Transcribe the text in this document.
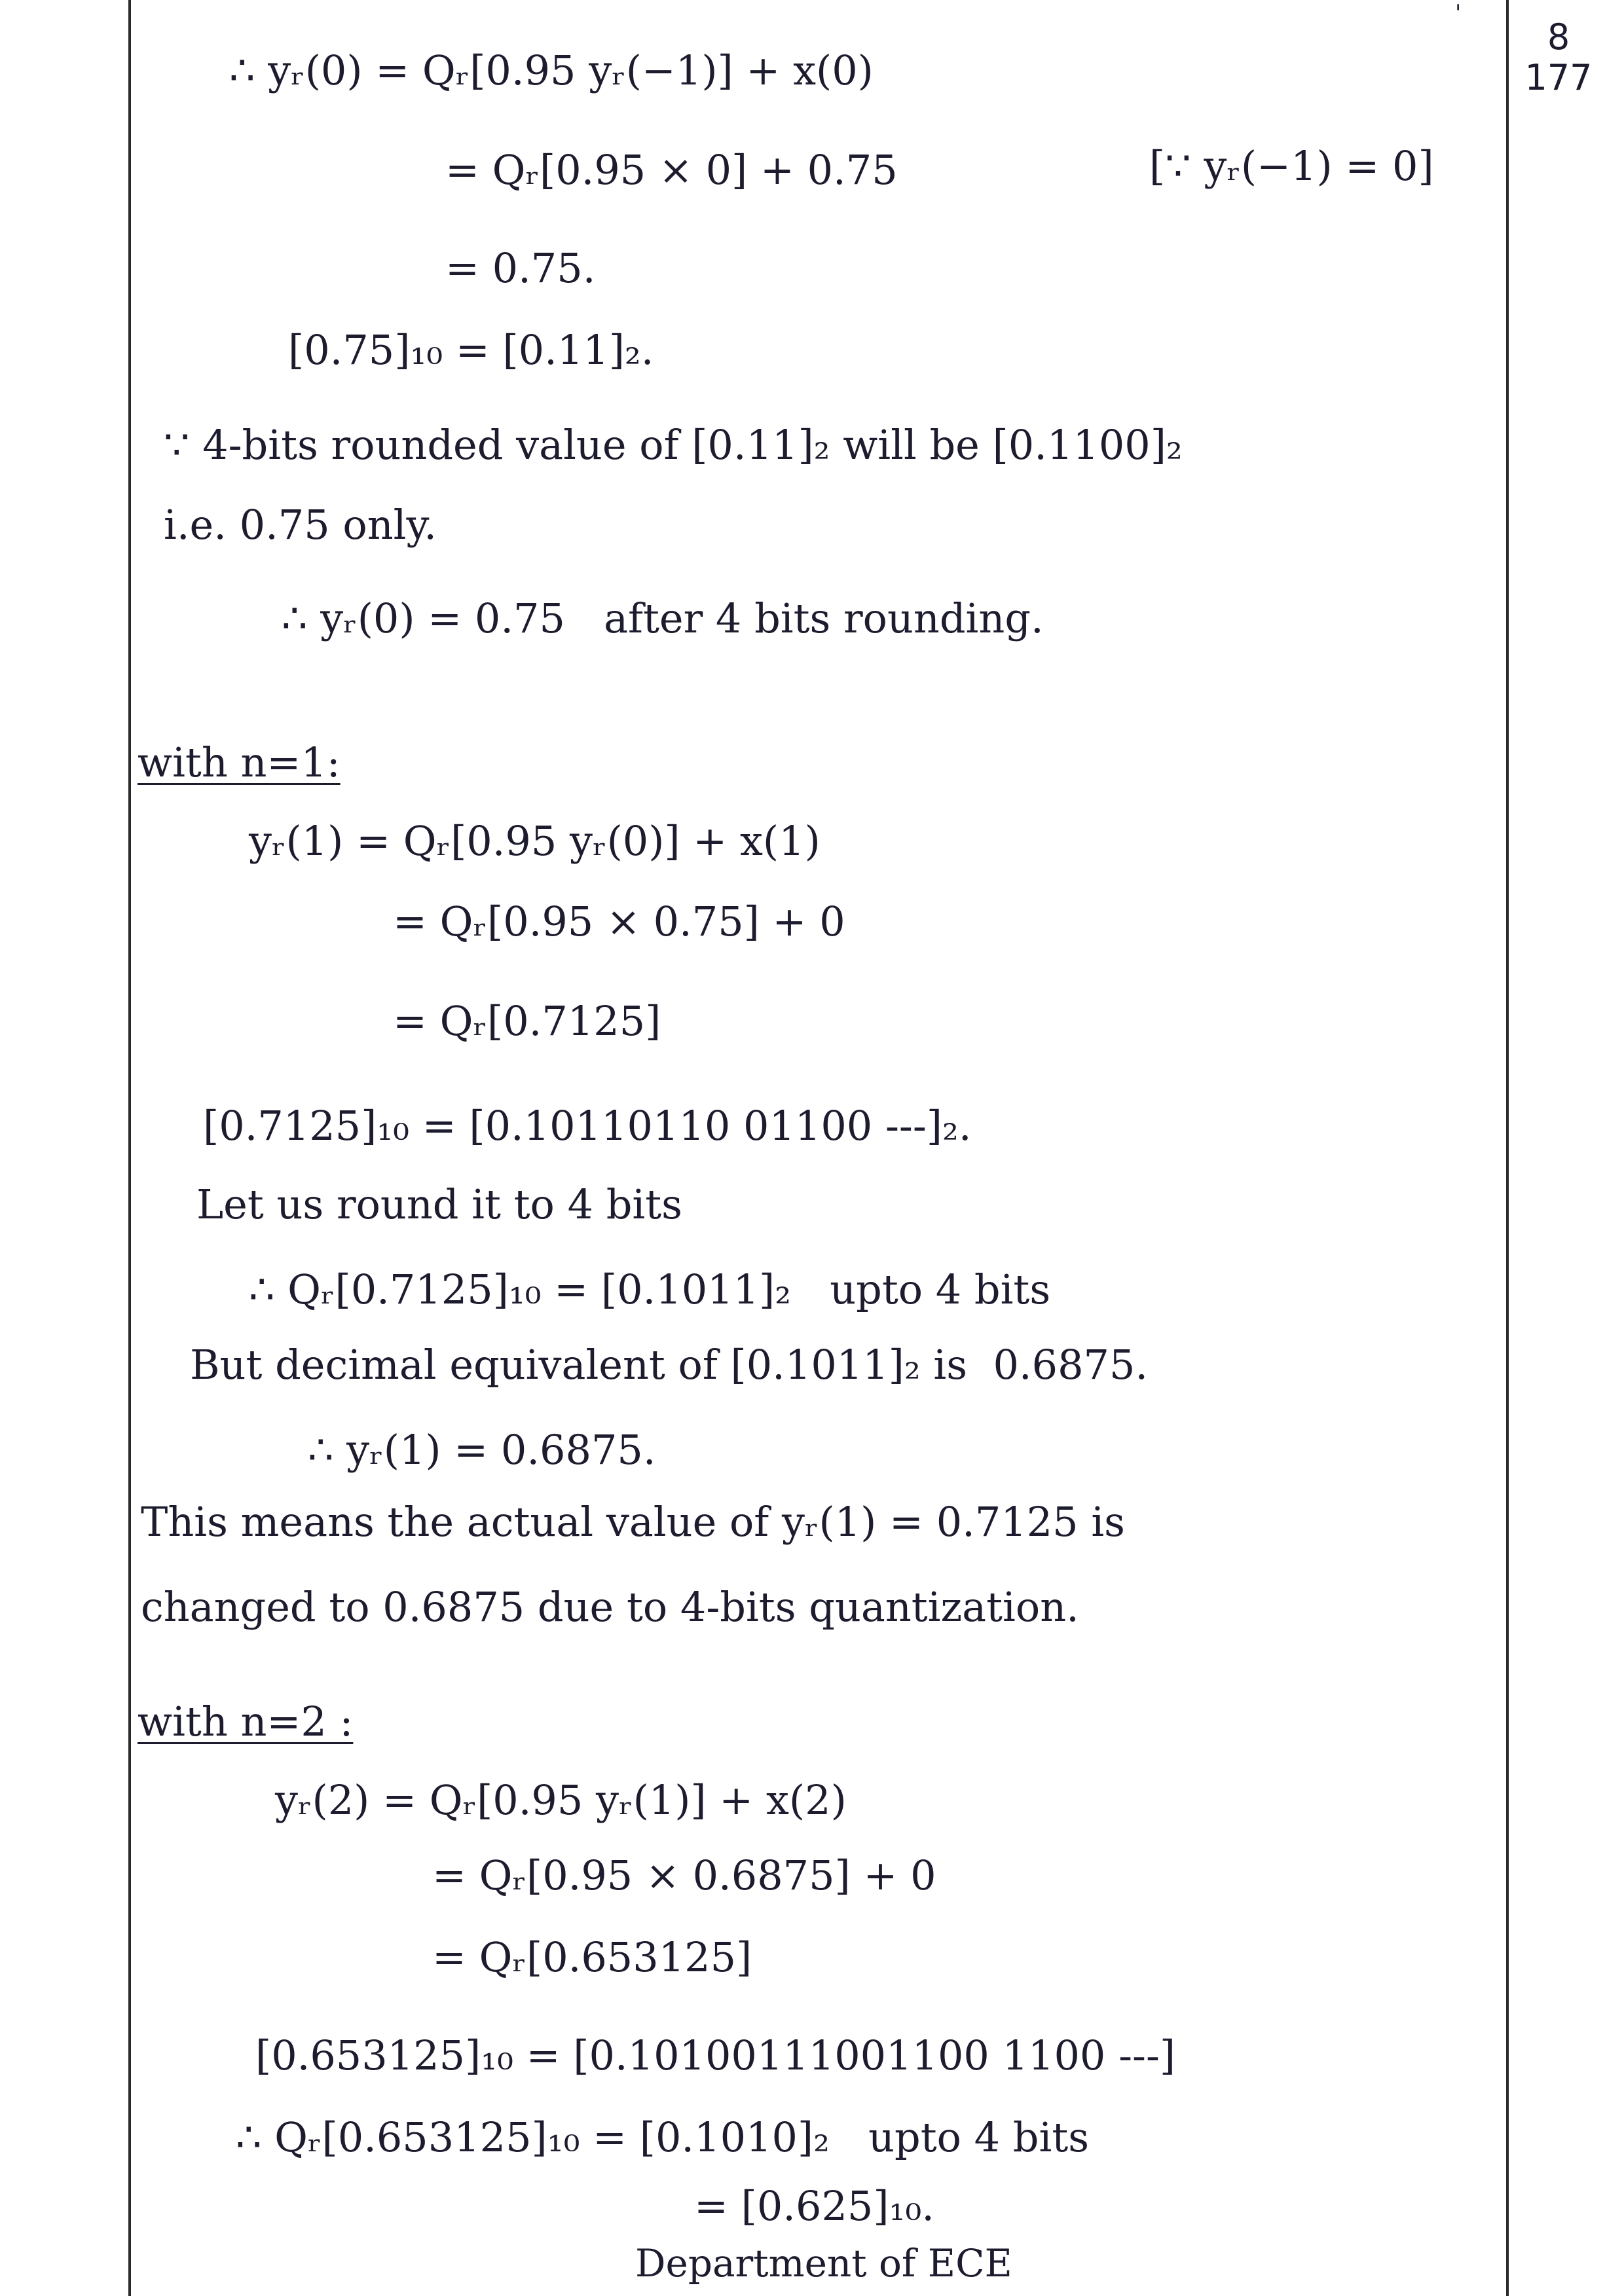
'
8
177
∴ yᵣ(0) = Qᵣ[0.95 yᵣ(−1)] + x(0)
= Qᵣ[0.95 × 0] + 0.75	[∵ yᵣ(−1) = 0]
= 0.75.
[0.75]₁₀ = [0.11]₂.
∵ 4-bits rounded value of [0.11]₂ will be [0.1100]₂
i.e. 0.75 only.
∴ yᵣ(0) = 0.75   after 4 bits rounding.
with n=1:
yᵣ(1) = Qᵣ[0.95 yᵣ(0)] + x(1)
= Qᵣ[0.95 × 0.75] + 0
= Qᵣ[0.7125]
[0.7125]₁₀ = [0.10110110 01100 ---]₂.
Let us round it to 4 bits
∴ Qᵣ[0.7125]₁₀ = [0.1011]₂   upto 4 bits
But decimal equivalent of [0.1011]₂ is  0.6875.
∴ yᵣ(1) = 0.6875.
This means the actual value of yᵣ(1) = 0.7125 is
changed to 0.6875 due to 4-bits quantization.
with n=2 :
yᵣ(2) = Qᵣ[0.95 yᵣ(1)] + x(2)
= Qᵣ[0.95 × 0.6875] + 0
= Qᵣ[0.653125]
[0.653125]₁₀ = [0.10100111001100 1100 ---]
∴ Qᵣ[0.653125]₁₀ = [0.1010]₂   upto 4 bits
= [0.625]₁₀.
Department of ECE
